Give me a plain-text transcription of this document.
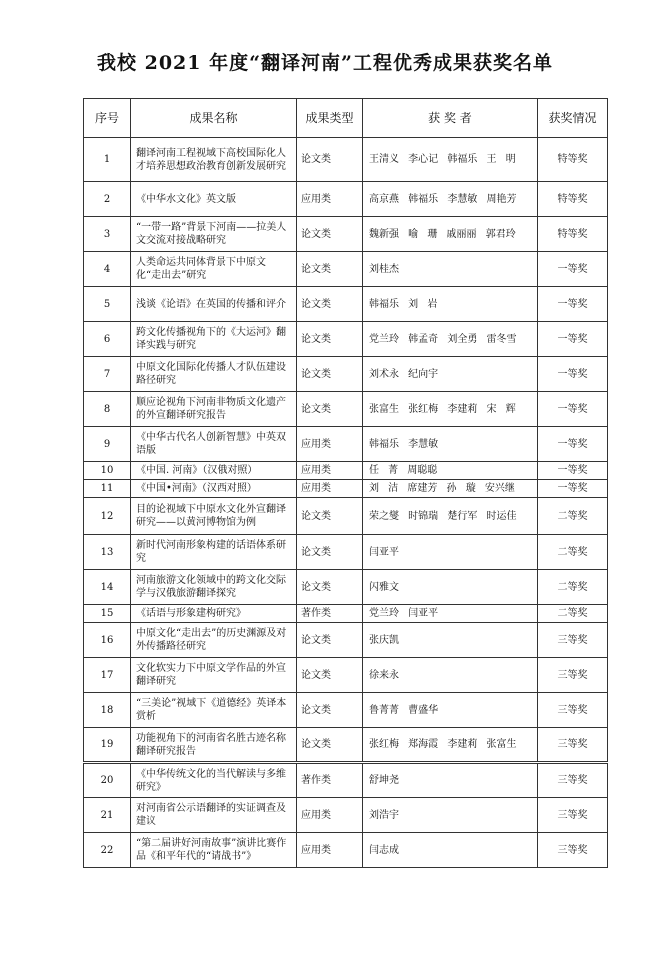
我校 2021 年度“翻译河南”工程优秀成果获奖名单
序号	成果名称	成果类型	获 奖 者	获奖情况
1	翻译河南工程视域下高校国际化人才培养思想政治教育创新发展研究	论文类	王清义 李心记 韩福乐 王 明	特等奖
2	《中华水文化》英文版	应用类	高京燕 韩福乐 李慧敏 周艳芳	特等奖
3	“一带一路”背景下河南——拉美人文交流对接战略研究	论文类	魏新强 喻 珊 戚丽丽 郭君玲	特等奖
4	人类命运共同体背景下中原文化“走出去”研究	论文类	刘桂杰	一等奖
5	浅谈《论语》在英国的传播和评介	论文类	韩福乐 刘 岩	一等奖
6	跨文化传播视角下的《大运河》翻译实践与研究	论文类	党兰玲 韩孟奇 刘全勇 雷冬雪	一等奖
7	中原文化国际化传播人才队伍建设路径研究	论文类	刘术永 纪向宇	一等奖
8	顺应论视角下河南非物质文化遗产的外宣翻译研究报告	论文类	张富生 张红梅 李建莉 宋 辉	一等奖
9	《中华古代名人创新智慧》中英双语版	应用类	韩福乐 李慧敏	一等奖
10	《中国. 河南》（汉俄对照）	应用类	任 菁 周聪聪	一等奖
11	《中国•河南》（汉西对照）	应用类	刘 洁 席建芳 孙 璇 安兴继	一等奖
12	目的论视域下中原水文化外宣翻译研究——以黄河博物馆为例	论文类	荣之燮 时锦瑞 楚行军 时运佳	二等奖
13	新时代河南形象构建的话语体系研究	论文类	闫亚平	二等奖
14	河南旅游文化领域中的跨文化交际学与汉俄旅游翻译探究	论文类	闪雅文	二等奖
15	《话语与形象建构研究》	著作类	党兰玲 闫亚平	二等奖
16	中原文化“走出去”的历史渊源及对外传播路径研究	论文类	张庆凯	三等奖
17	文化软实力下中原文学作品的外宣翻译研究	论文类	徐来永	三等奖
18	“三美论”视域下《道德经》英译本赏析	论文类	鲁菁菁 曹盛华	三等奖
19	功能视角下的河南省名胜古迹名称翻译研究报告	论文类	张红梅 郑海霞 李建莉 张富生	三等奖
20	《中华传统文化的当代解读与多维研究》	著作类	舒坤尧	三等奖
21	对河南省公示语翻译的实证调查及建议	应用类	刘浩宇	三等奖
22	“第二届讲好河南故事”演讲比赛作品《和平年代的“请战书”》	应用类	闫志成	三等奖
